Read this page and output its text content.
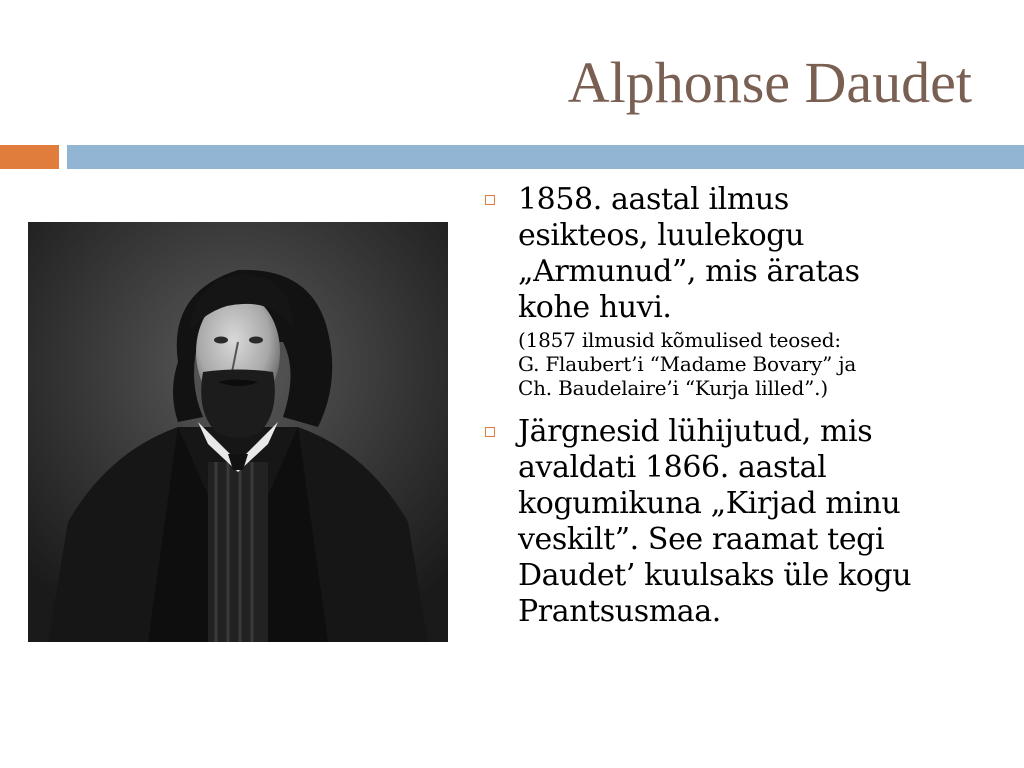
Alphonse Daudet
1858. aastal ilmus
esikteos, luulekogu
„Armunud”, mis äratas
kohe huvi.
(1857 ilmusid kõmulised teosed:
G. Flaubert’i “Madame Bovary” ja
Ch. Baudelaire’i “Kurja lilled”.)
Järgnesid lühijutud, mis
avaldati 1866. aastal
kogumikuna „Kirjad minu
veskilt”. See raamat tegi
Daudet’ kuulsaks üle kogu
Prantsusmaa.
